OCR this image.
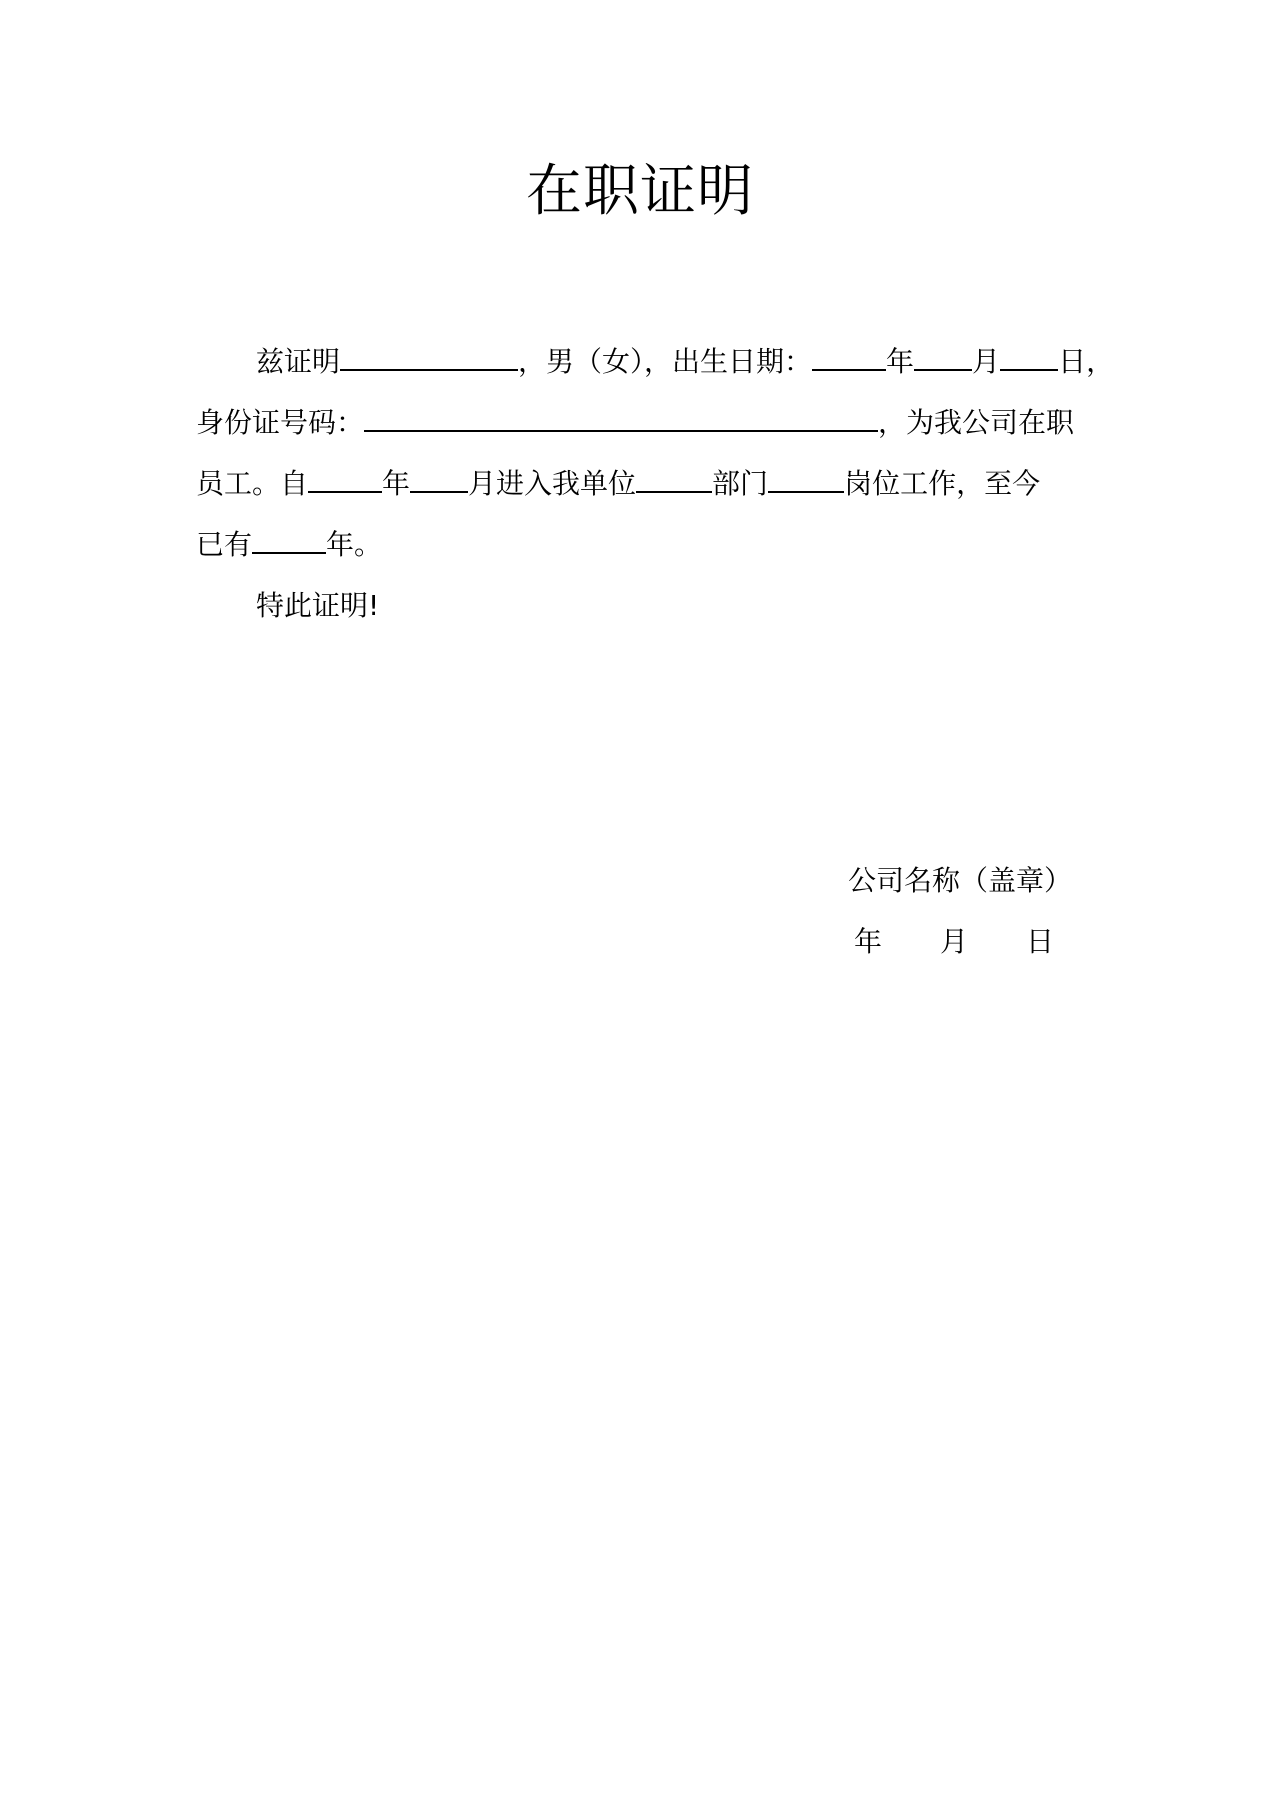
在职证明
兹证明	，男（女），出生日期：	年 月 日，
身份证号码：	，为我公司在职
员工。自	年 月进入我单位	部门	岗位工作，至今
已有	年。
特此证明!
公司名称（盖章）
年 月 日
